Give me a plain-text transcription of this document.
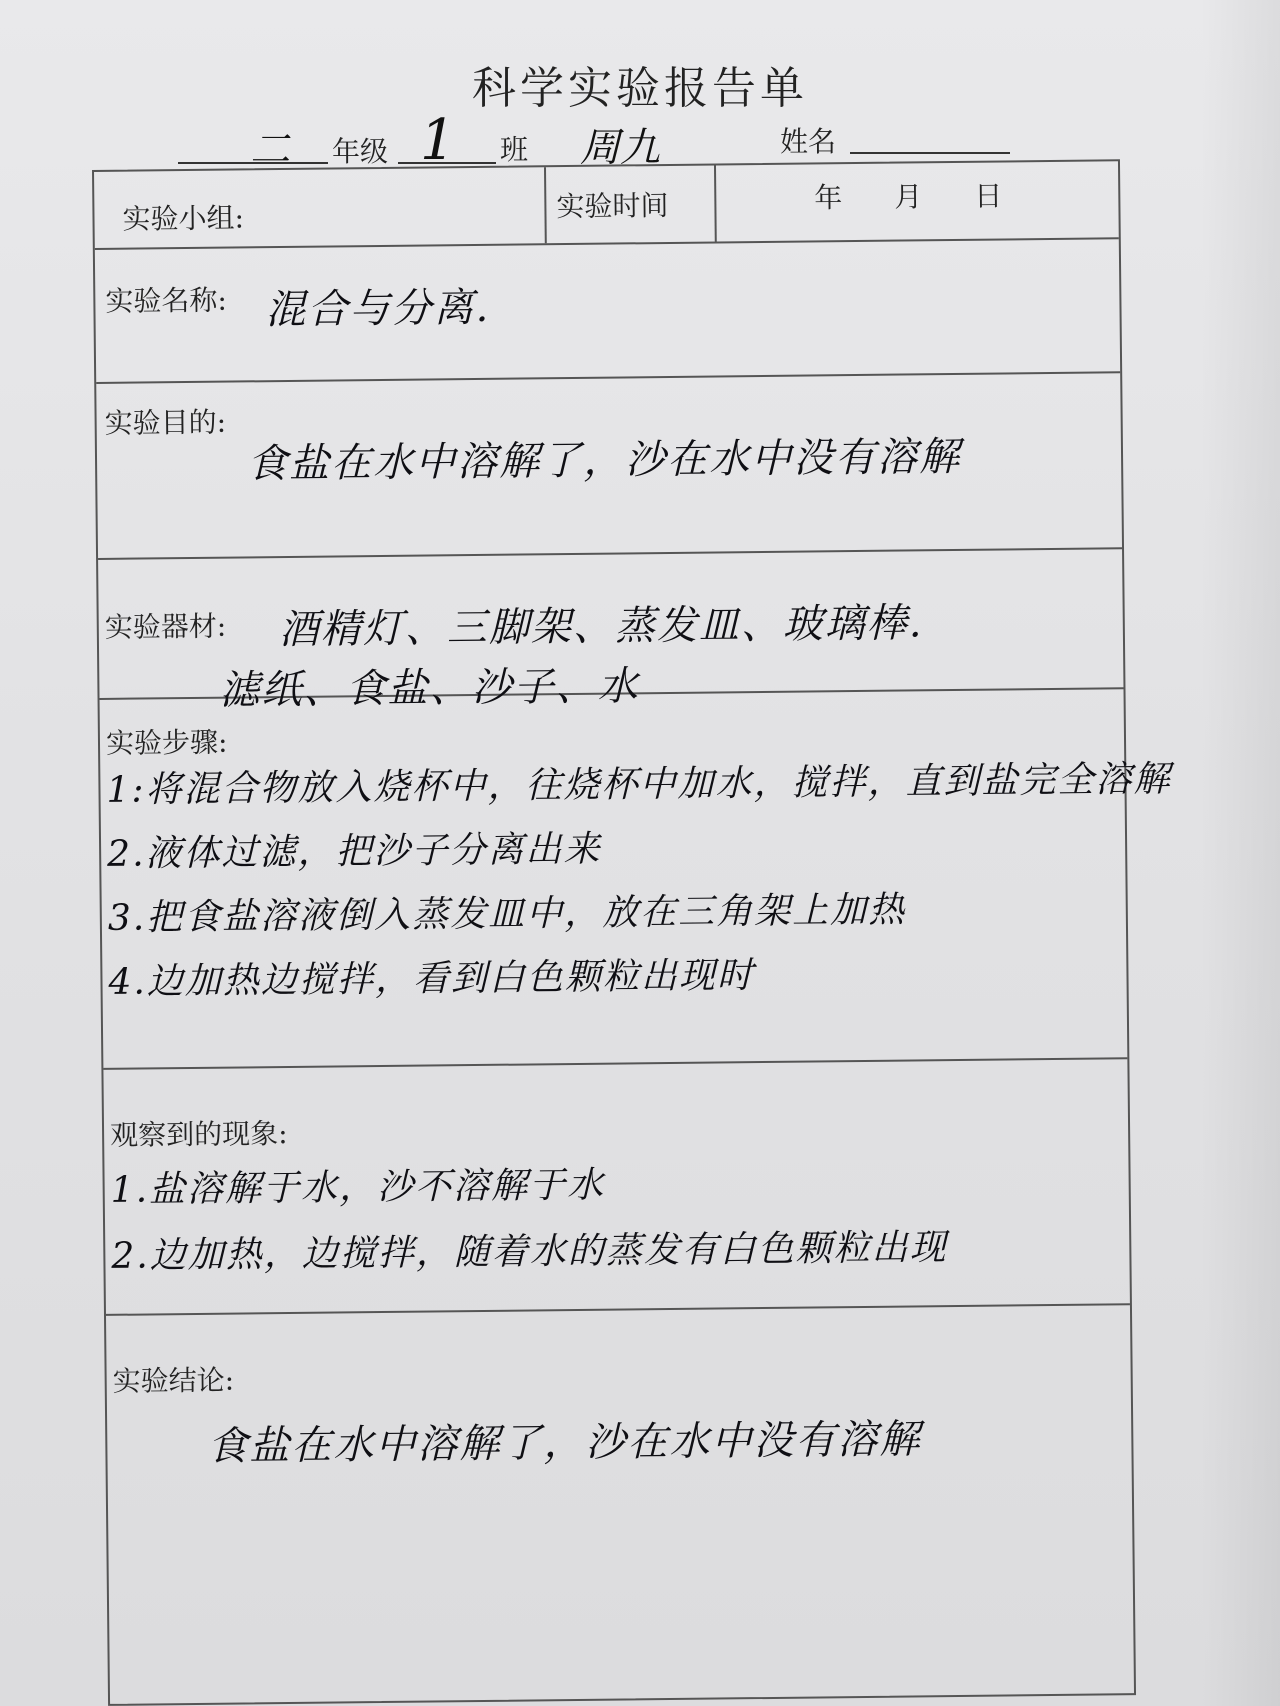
科学实验报告单
二 年级 1 班 周九	姓名
实验小组:	实验时间	年 月 日
实验名称: 混合与分离.
实验目的:
食盐在水中溶解了，沙在水中没有溶解
实验器材: 酒精灯、三脚架、蒸发皿、玻璃棒.
滤纸、食盐、沙子、水
实验步骤:
1:将混合物放入烧杯中，往烧杯中加水，搅拌，直到盐完全溶解
2.液体过滤，把沙子分离出来
3.把食盐溶液倒入蒸发皿中，放在三角架上加热
4.边加热边搅拌，看到白色颗粒出现时
观察到的现象:
1.盐溶解于水，沙不溶解于水
2.边加热，边搅拌，随着水的蒸发有白色颗粒出现
实验结论:
食盐在水中溶解了，沙在水中没有溶解
